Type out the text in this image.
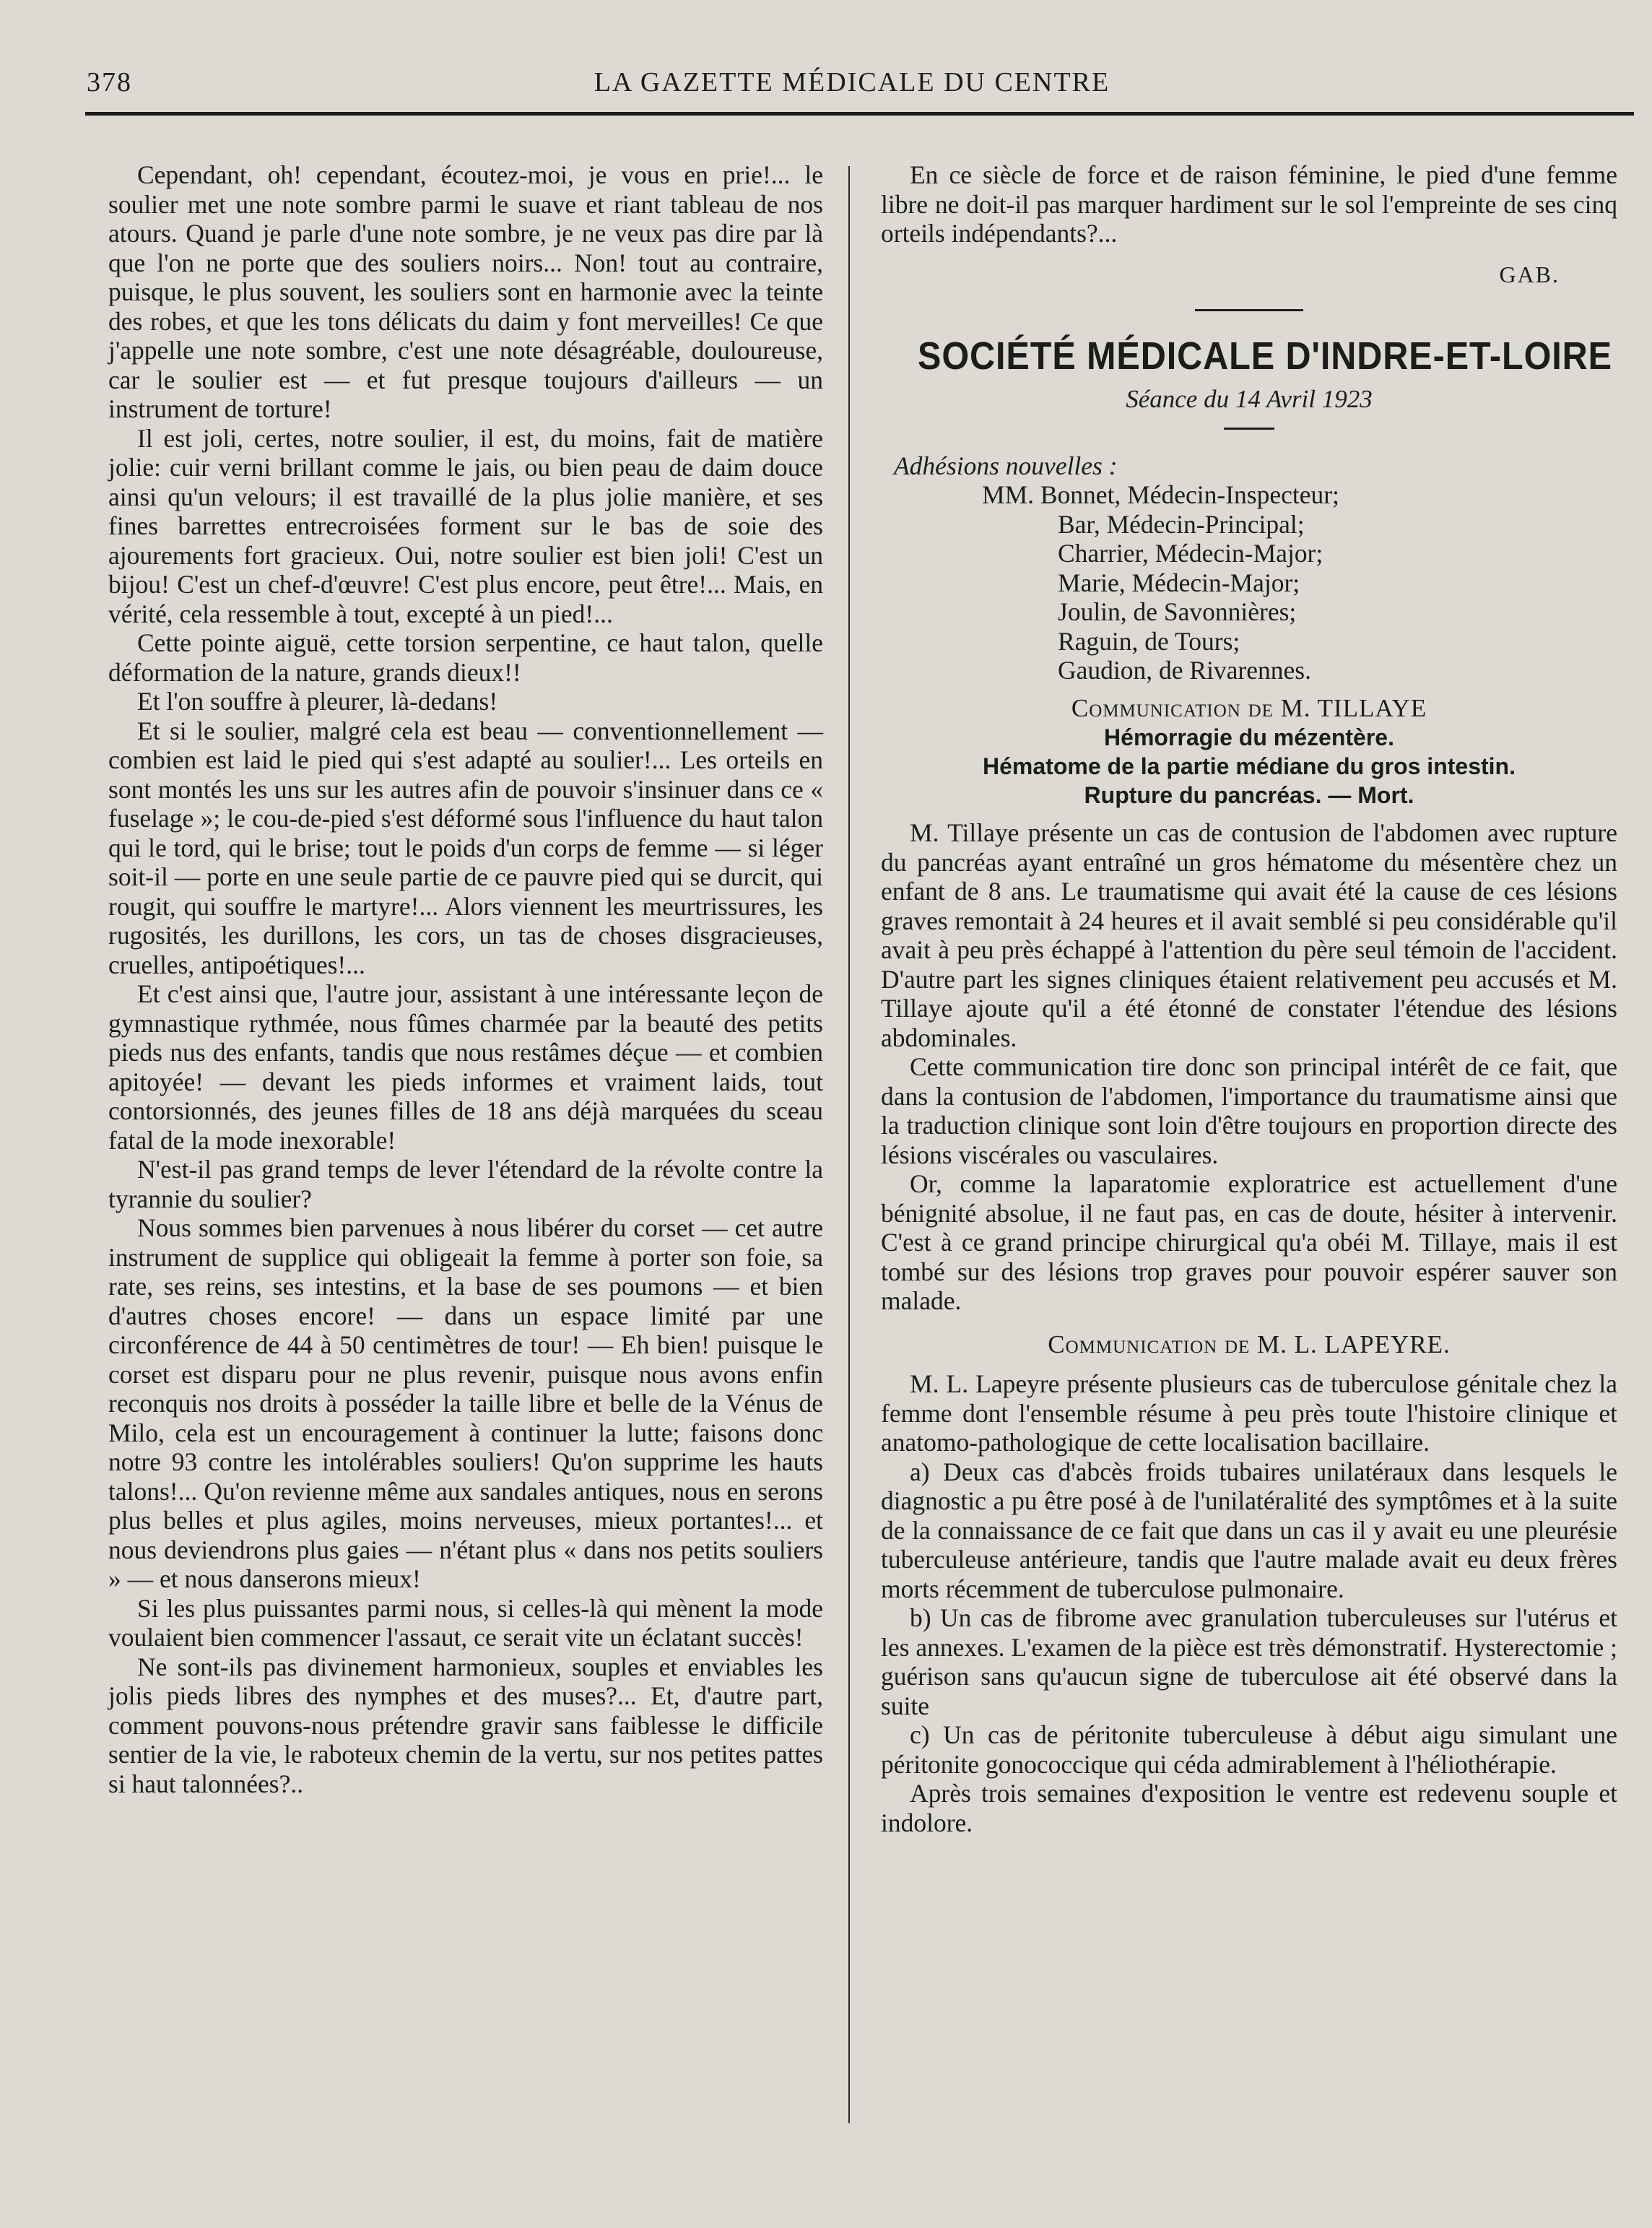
378	LA GAZETTE MÉDICALE DU CENTRE

Cependant, oh! cependant, écoutez-moi, je vous en prie!... le soulier met une note sombre parmi le suave et riant tableau de nos atours. Quand je parle d'une note sombre, je ne veux pas dire par là que l'on ne porte que des souliers noirs... Non! tout au contraire, puisque, le plus souvent, les souliers sont en harmonie avec la teinte des robes, et que les tons délicats du daim y font merveilles! Ce que j'appelle une note sombre, c'est une note désagréable, douloureuse, car le soulier est — et fut presque toujours d'ailleurs — un instrument de torture!

Il est joli, certes, notre soulier, il est, du moins, fait de matière jolie: cuir verni brillant comme le jais, ou bien peau de daim douce ainsi qu'un velours; il est travaillé de la plus jolie manière, et ses fines barrettes entrecroisées forment sur le bas de soie des ajourements fort gracieux. Oui, notre soulier est bien joli! C'est un bijou! C'est un chef-d'œuvre! C'est plus encore, peut être!... Mais, en vérité, cela ressemble à tout, excepté à un pied!...

Cette pointe aiguë, cette torsion serpentine, ce haut talon, quelle déformation de la nature, grands dieux!!

Et l'on souffre à pleurer, là-dedans!

Et si le soulier, malgré cela est beau — conventionnellement — combien est laid le pied qui s'est adapté au soulier!... Les orteils en sont montés les uns sur les autres afin de pouvoir s'insinuer dans ce « fuselage »; le cou-de-pied s'est déformé sous l'influence du haut talon qui le tord, qui le brise; tout le poids d'un corps de femme — si léger soit-il — porte en une seule partie de ce pauvre pied qui se durcit, qui rougit, qui souffre le martyre!... Alors viennent les meurtrissures, les rugosités, les durillons, les cors, un tas de choses disgracieuses, cruelles, antipoétiques!...

Et c'est ainsi que, l'autre jour, assistant à une intéressante leçon de gymnastique rythmée, nous fûmes charmée par la beauté des petits pieds nus des enfants, tandis que nous restâmes déçue — et combien apitoyée! — devant les pieds informes et vraiment laids, tout contorsionnés, des jeunes filles de 18 ans déjà marquées du sceau fatal de la mode inexorable!

N'est-il pas grand temps de lever l'étendard de la révolte contre la tyrannie du soulier?

Nous sommes bien parvenues à nous libérer du corset — cet autre instrument de supplice qui obligeait la femme à porter son foie, sa rate, ses reins, ses intestins, et la base de ses poumons — et bien d'autres choses encore! — dans un espace limité par une circonférence de 44 à 50 centimètres de tour! — Eh bien! puisque le corset est disparu pour ne plus revenir, puisque nous avons enfin reconquis nos droits à posséder la taille libre et belle de la Vénus de Milo, cela est un encouragement à continuer la lutte; faisons donc notre 93 contre les intolérables souliers! Qu'on supprime les hauts talons!... Qu'on revienne même aux sandales antiques, nous en serons plus belles et plus agiles, moins nerveuses, mieux portantes!... et nous deviendrons plus gaies — n'étant plus « dans nos petits souliers » — et nous danserons mieux!

Si les plus puissantes parmi nous, si celles-là qui mènent la mode voulaient bien commencer l'assaut, ce serait vite un éclatant succès!

Ne sont-ils pas divinement harmonieux, souples et enviables les jolis pieds libres des nymphes et des muses?... Et, d'autre part, comment pouvons-nous prétendre gravir sans faiblesse le difficile sentier de la vie, le raboteux chemin de la vertu, sur nos petites pattes si haut talonnées?..

En ce siècle de force et de raison féminine, le pied d'une femme libre ne doit-il pas marquer hardiment sur le sol l'empreinte de ses cinq orteils indépendants?...

GAB.

SOCIÉTÉ MÉDICALE D'INDRE-ET-LOIRE
Séance du 14 Avril 1923

Adhésions nouvelles :

MM. Bonnet, Médecin-Inspecteur;
Bar, Médecin-Principal;
Charrier, Médecin-Major;
Marie, Médecin-Major;
Joulin, de Savonnières;
Raguin, de Tours;
Gaudion, de Rivarennes.

Communication de M. TILLAYE

Hémorragie du mézentère.
Hématome de la partie médiane du gros intestin.
Rupture du pancréas. — Mort.

M. Tillaye présente un cas de contusion de l'abdomen avec rupture du pancréas ayant entraîné un gros hématome du mésentère chez un enfant de 8 ans. Le traumatisme qui avait été la cause de ces lésions graves remontait à 24 heures et il avait semblé si peu considérable qu'il avait à peu près échappé à l'attention du père seul témoin de l'accident. D'autre part les signes cliniques étaient relativement peu accusés et M. Tillaye ajoute qu'il a été étonné de constater l'étendue des lésions abdominales.

Cette communication tire donc son principal intérêt de ce fait, que dans la contusion de l'abdomen, l'importance du traumatisme ainsi que la traduction clinique sont loin d'être toujours en proportion directe des lésions viscérales ou vasculaires.

Or, comme la laparatomie exploratrice est actuellement d'une bénignité absolue, il ne faut pas, en cas de doute, hésiter à intervenir. C'est à ce grand principe chirurgical qu'a obéi M. Tillaye, mais il est tombé sur des lésions trop graves pour pouvoir espérer sauver son malade.

Communication de M. L. LAPEYRE.

M. L. Lapeyre présente plusieurs cas de tuberculose génitale chez la femme dont l'ensemble résume à peu près toute l'histoire clinique et anatomo-pathologique de cette localisation bacillaire.

a) Deux cas d'abcès froids tubaires unilatéraux dans lesquels le diagnostic a pu être posé à de l'unilatéralité des symptômes et à la suite de la connaissance de ce fait que dans un cas il y avait eu une pleurésie tuberculeuse antérieure, tandis que l'autre malade avait eu deux frères morts récemment de tuberculose pulmonaire.

b) Un cas de fibrome avec granulation tuberculeuses sur l'utérus et les annexes. L'examen de la pièce est très démonstratif. Hysterectomie ; guérison sans qu'aucun signe de tuberculose ait été observé dans la suite

c) Un cas de péritonite tuberculeuse à début aigu simulant une péritonite gonococcique qui céda admirablement à l'héliothérapie.

Après trois semaines d'exposition le ventre est redevenu souple et indolore.
